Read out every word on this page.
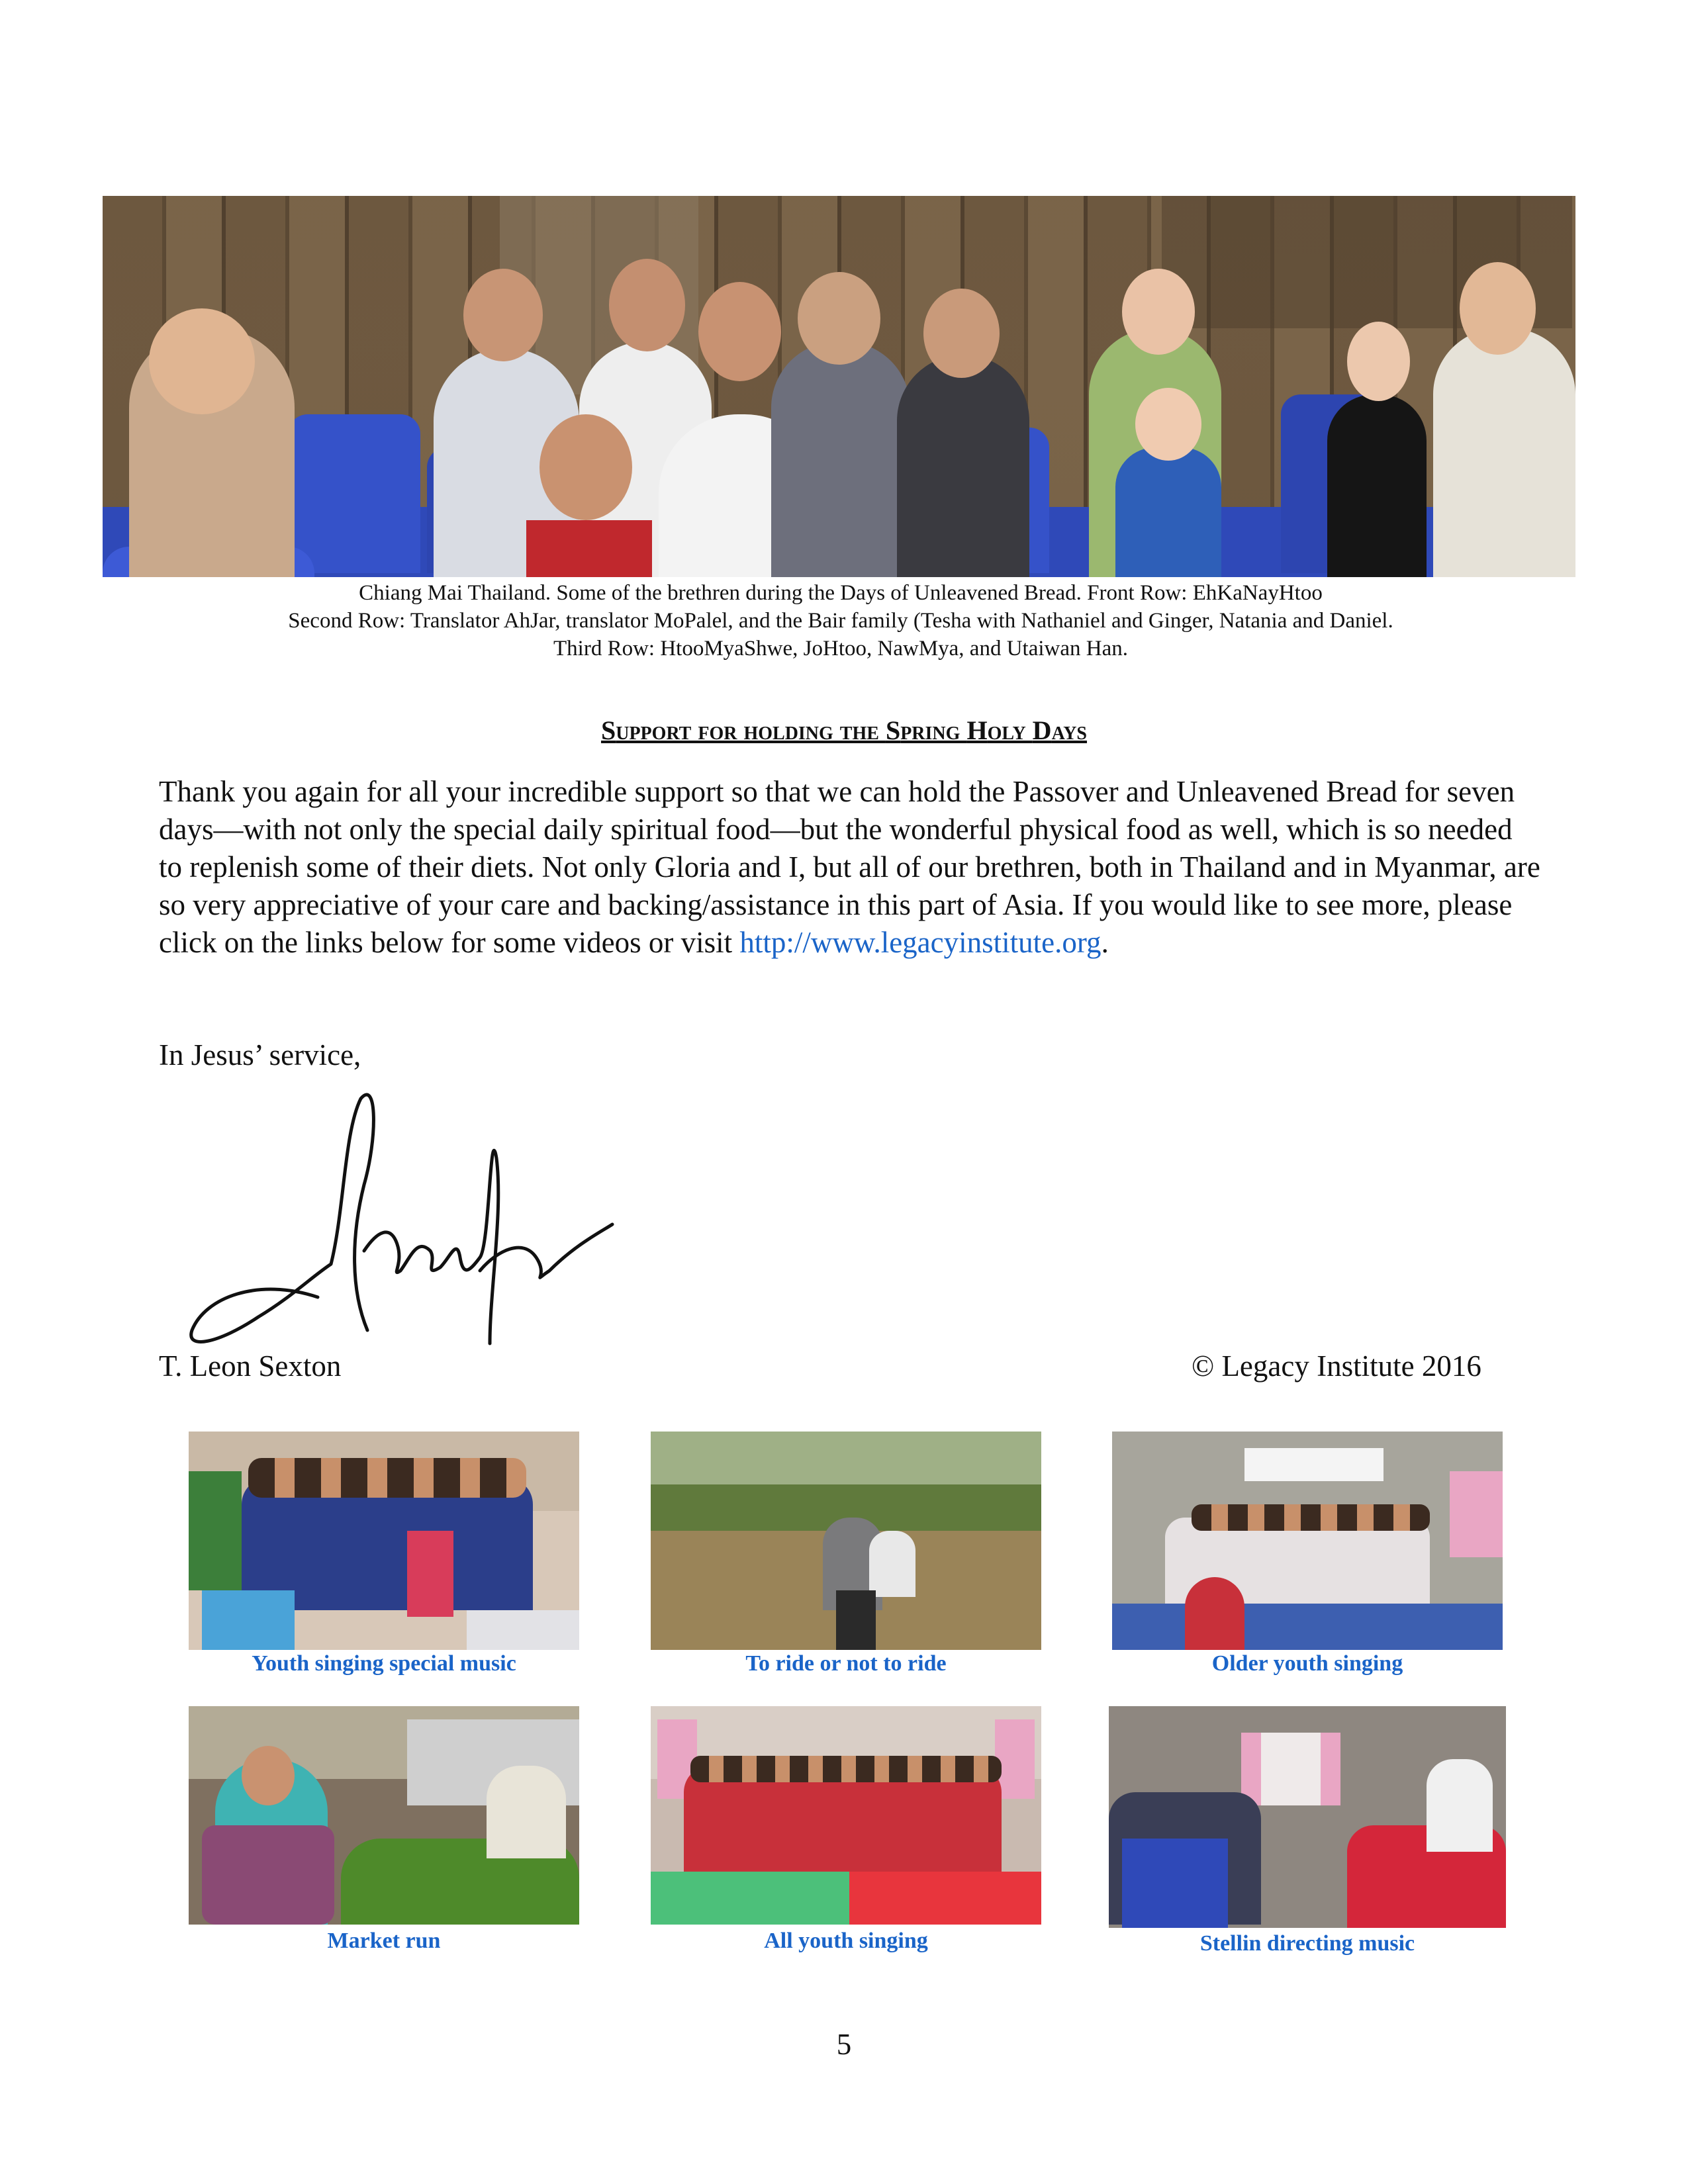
Chiang Mai Thailand. Some of the brethren during the Days of Unleavened Bread. Front Row: EhKaNayHtoo
Second Row: Translator AhJar, translator MoPalel, and the Bair family (Tesha with Nathaniel and Ginger, Natania and Daniel.
Third Row: HtooMyaShwe, JoHtoo, NawMya, and Utaiwan Han.
Support for holding the Spring Holy Days
Thank you again for all your incredible support so that we can hold the Passover and Unleavened Bread for seven days—with not only the special daily spiritual food—but the wonderful physical food as well, which is so needed to replenish some of their diets. Not only Gloria and I, but all of our brethren, both in Thailand and in Myanmar, are so very appreciative of your care and backing/assistance in this part of Asia. If you would like to see more, please click on the links below for some videos or visit http://www.legacyinstitute.org.
In Jesus’ service,
T. Leon Sexton	© Legacy Institute 2016
Youth singing special music	To ride or not to ride	Older youth singing
Market run	All youth singing	Stellin directing music
5
